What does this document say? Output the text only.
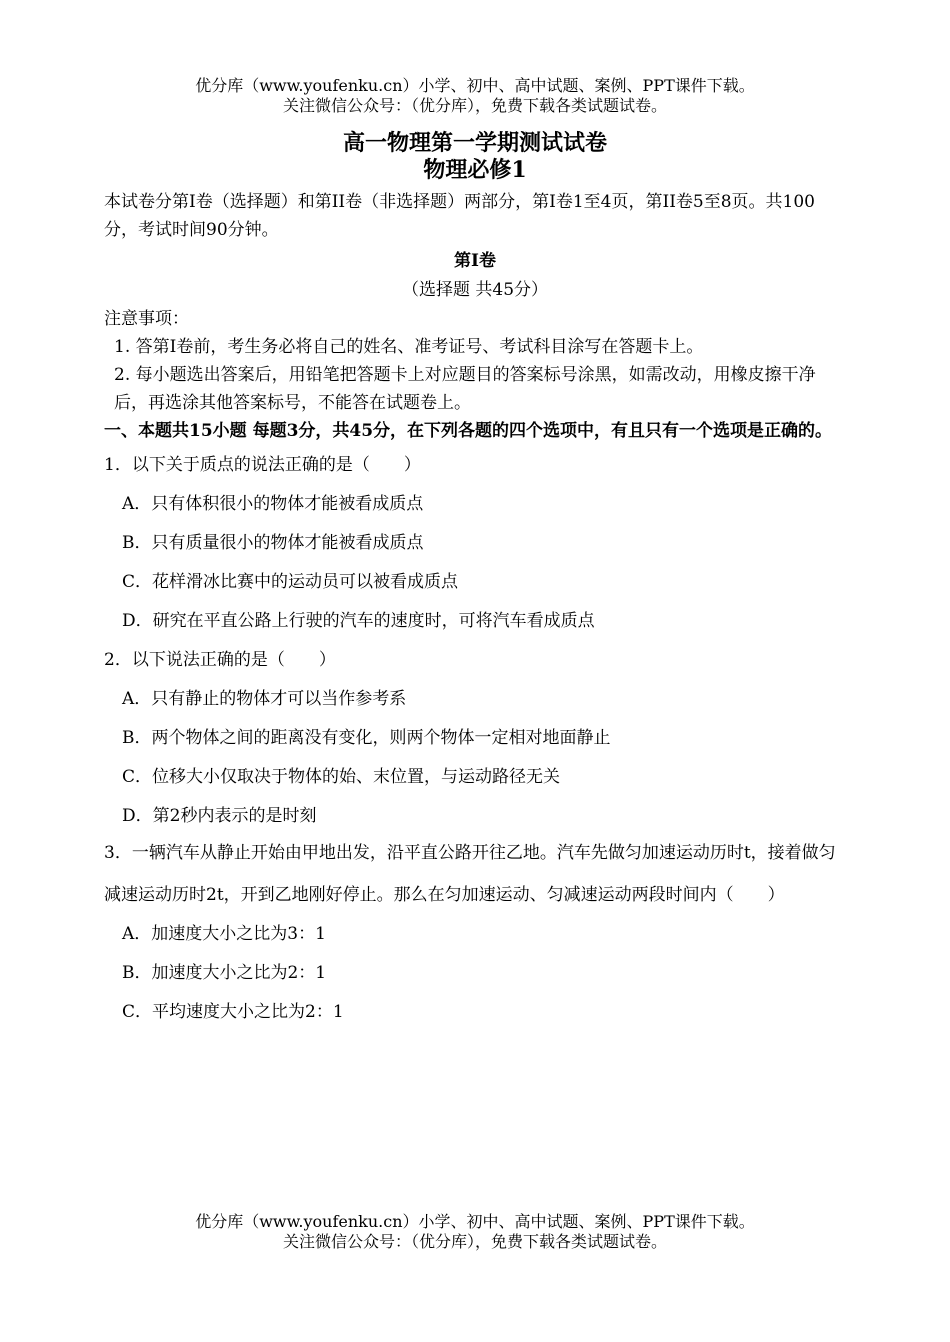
优分库（www.youfenku.cn）小学、初中、高中试题、案例、PPT课件下载。
关注微信公众号：（优分库），免费下载各类试题试卷。
高一物理第一学期测试试卷
物理必修1

本试卷分第I卷（选择题）和第II卷（非选择题）两部分，第I卷1至4页，第II卷5至8页。共100分，考试时间90分钟。

第I卷

（选择题 共45分）

注意事项：

1. 答第I卷前，考生务必将自己的姓名、准考证号、考试科目涂写在答题卡上。

2. 每小题选出答案后，用铅笔把答题卡上对应题目的答案标号涂黑，如需改动，用橡皮擦干净后，再选涂其他答案标号，不能答在试题卷上。

一、本题共15小题 每题3分，共45分，在下列各题的四个选项中，有且只有一个选项是正确的。

1．以下关于质点的说法正确的是（　　）

A．只有体积很小的物体才能被看成质点

B．只有质量很小的物体才能被看成质点

C．花样滑冰比赛中的运动员可以被看成质点

D．研究在平直公路上行驶的汽车的速度时，可将汽车看成质点

2．以下说法正确的是（　　）

A．只有静止的物体才可以当作参考系

B．两个物体之间的距离没有变化，则两个物体一定相对地面静止

C．位移大小仅取决于物体的始、末位置，与运动路径无关

D．第2秒内表示的是时刻

3．一辆汽车从静止开始由甲地出发，沿平直公路开往乙地。汽车先做匀加速运动历时t，接着做匀减速运动历时2t，开到乙地刚好停止。那么在匀加速运动、匀减速运动两段时间内（　　）

A．加速度大小之比为3：1

B．加速度大小之比为2：1

C．平均速度大小之比为2：1

优分库（www.youfenku.cn）小学、初中、高中试题、案例、PPT课件下载。
关注微信公众号：（优分库），免费下载各类试题试卷。
